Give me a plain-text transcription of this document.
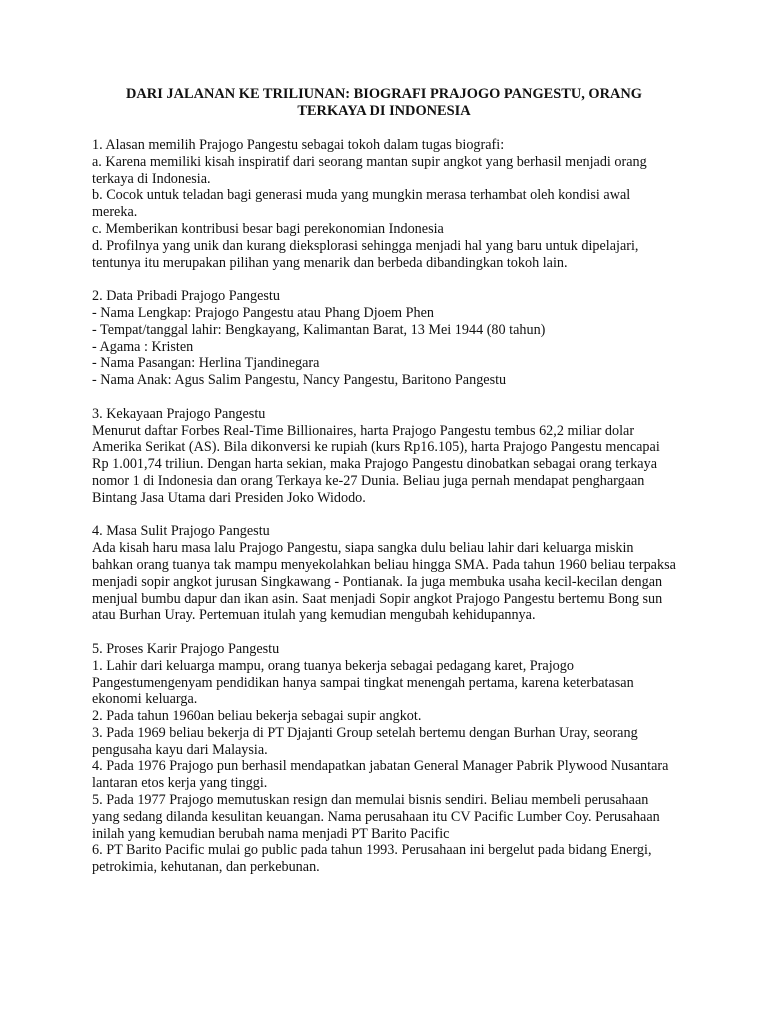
DARI JALANAN KE TRILIUNAN: BIOGRAFI PRAJOGO PANGESTU, ORANG TERKAYA DI INDONESIA
1. Alasan memilih Prajogo Pangestu sebagai tokoh dalam tugas biografi:
a. Karena memiliki kisah inspiratif dari seorang mantan supir angkot yang berhasil menjadi orang terkaya di Indonesia.
b. Cocok untuk teladan bagi generasi muda yang mungkin merasa terhambat oleh kondisi awal mereka.
c. Memberikan kontribusi besar bagi perekonomian Indonesia
d. Profilnya yang unik dan kurang dieksplorasi sehingga menjadi hal yang baru untuk dipelajari, tentunya itu merupakan pilihan yang menarik dan berbeda dibandingkan tokoh lain.
2. Data Pribadi Prajogo Pangestu
- Nama Lengkap: Prajogo Pangestu atau Phang Djoem Phen
- Tempat/tanggal lahir: Bengkayang, Kalimantan Barat, 13 Mei 1944 (80 tahun)
- Agama : Kristen
- Nama Pasangan: Herlina Tjandinegara
- Nama Anak: Agus Salim Pangestu, Nancy Pangestu, Baritono Pangestu
3. Kekayaan Prajogo Pangestu
Menurut daftar Forbes Real-Time Billionaires, harta Prajogo Pangestu tembus 62,2 miliar dolar Amerika Serikat (AS). Bila dikonversi ke rupiah (kurs Rp16.105), harta Prajogo Pangestu mencapai Rp 1.001,74 triliun. Dengan harta sekian, maka Prajogo Pangestu dinobatkan sebagai orang terkaya nomor 1 di Indonesia dan orang Terkaya ke-27 Dunia. Beliau juga pernah mendapat penghargaan Bintang Jasa Utama dari Presiden Joko Widodo.
4. Masa Sulit Prajogo Pangestu
Ada kisah haru masa lalu Prajogo Pangestu, siapa sangka dulu beliau lahir dari keluarga miskin bahkan orang tuanya tak mampu menyekolahkan beliau hingga SMA. Pada tahun 1960 beliau terpaksa menjadi sopir angkot jurusan Singkawang - Pontianak. Ia juga membuka usaha kecil-kecilan dengan menjual bumbu dapur dan ikan asin. Saat menjadi Sopir angkot Prajogo Pangestu bertemu Bong sun atau Burhan Uray. Pertemuan itulah yang kemudian mengubah kehidupannya.
5. Proses Karir Prajogo Pangestu
1. Lahir dari keluarga mampu, orang tuanya bekerja sebagai pedagang karet, Prajogo Pangestumengenyam pendidikan hanya sampai tingkat menengah pertama, karena keterbatasan ekonomi keluarga.
2. Pada tahun 1960an beliau bekerja sebagai supir angkot.
3. Pada 1969 beliau bekerja di PT Djajanti Group setelah bertemu dengan Burhan Uray, seorang pengusaha kayu dari Malaysia.
4. Pada 1976 Prajogo pun berhasil mendapatkan jabatan General Manager Pabrik Plywood Nusantara lantaran etos kerja yang tinggi.
5. Pada 1977 Prajogo memutuskan resign dan memulai bisnis sendiri. Beliau membeli perusahaan yang sedang dilanda kesulitan keuangan. Nama perusahaan itu CV Pacific Lumber Coy. Perusahaan inilah yang kemudian berubah nama menjadi PT Barito Pacific
6. PT Barito Pacific mulai go public pada tahun 1993. Perusahaan ini bergelut pada bidang Energi, petrokimia, kehutanan, dan perkebunan.
